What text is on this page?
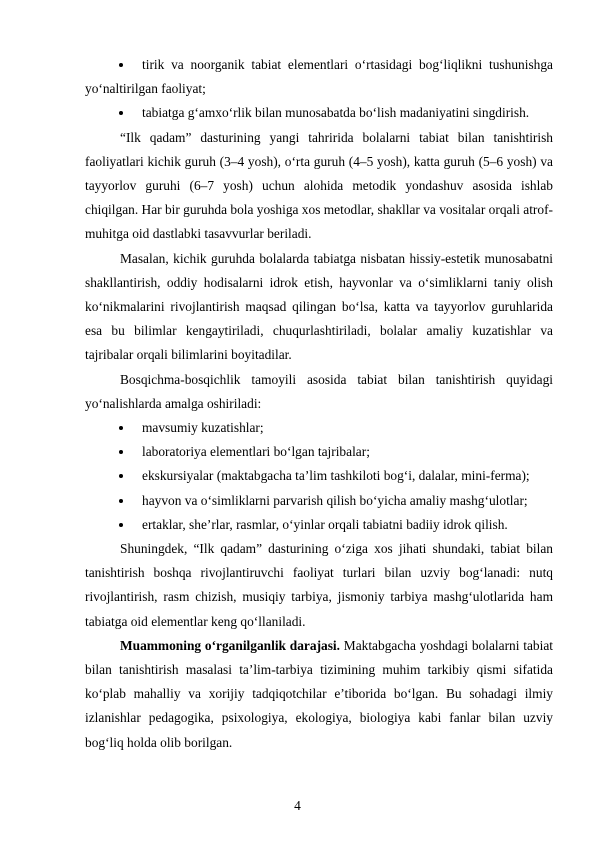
tirik va noorganik tabiat elementlari o‘rtasidagi bog‘liqlikni tushunishga yo‘naltirilgan faoliyat;
tabiatga g‘amxo‘rlik bilan munosabatda bo‘lish madaniyatini singdirish.

“Ilk qadam” dasturining yangi tahririda bolalarni tabiat bilan tanishtirish faoliyatlari kichik guruh (3–4 yosh), o‘rta guruh (4–5 yosh), katta guruh (5–6 yosh) va tayyorlov guruhi (6–7 yosh) uchun alohida metodik yondashuv asosida ishlab chiqilgan. Har bir guruhda bola yoshiga xos metodlar, shakllar va vositalar orqali atrof-muhitga oid dastlabki tasavvurlar beriladi.

Masalan, kichik guruhda bolalarda tabiatga nisbatan hissiy-estetik munosabatni shakllantirish, oddiy hodisalarni idrok etish, hayvonlar va o‘simliklarni taniy olish ko‘nikmalarini rivojlantirish maqsad qilingan bo‘lsa, katta va tayyorlov guruhlarida esa bu bilimlar kengaytiriladi, chuqurlashtiriladi, bolalar amaliy kuzatishlar va tajribalar orqali bilimlarini boyitadilar.

Bosqichma-bosqichlik tamoyili asosida tabiat bilan tanishtirish quyidagi yo‘nalishlarda amalga oshiriladi:

mavsumiy kuzatishlar;
laboratoriya elementlari bo‘lgan tajribalar;
ekskursiyalar (maktabgacha ta’lim tashkiloti bog‘i, dalalar, mini-ferma);
hayvon va o‘simliklarni parvarish qilish bo‘yicha amaliy mashg‘ulotlar;
ertaklar, she’rlar, rasmlar, o‘yinlar orqali tabiatni badiiy idrok qilish.

Shuningdek, “Ilk qadam” dasturining o‘ziga xos jihati shundaki, tabiat bilan tanishtirish boshqa rivojlantiruvchi faoliyat turlari bilan uzviy bog‘lanadi: nutq rivojlantirish, rasm chizish, musiqiy tarbiya, jismoniy tarbiya mashg‘ulotlarida ham tabiatga oid elementlar keng qo‘llaniladi.

Muammoning o‘rganilganlik darajasi. Maktabgacha yoshdagi bolalarni tabiat bilan tanishtirish masalasi ta’lim-tarbiya tizimining muhim tarkibiy qismi sifatida ko‘plab mahalliy va xorijiy tadqiqotchilar e’tiborida bo‘lgan. Bu sohadagi ilmiy izlanishlar pedagogika, psixologiya, ekologiya, biologiya kabi fanlar bilan uzviy bog‘liq holda olib borilgan.

4
